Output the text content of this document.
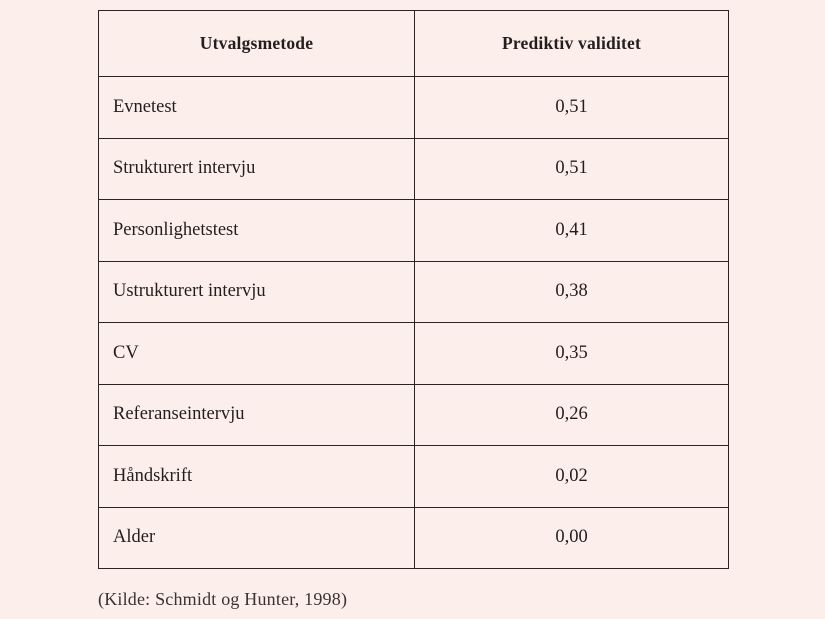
Utvalgsmetode	Prediktiv validitet
Evnetest	0,51
Strukturert intervju	0,51
Personlighetstest	0,41
Ustrukturert intervju	0,38
CV	0,35
Referanseintervju	0,26
Håndskrift	0,02
Alder	0,00
(Kilde: Schmidt og Hunter, 1998)
